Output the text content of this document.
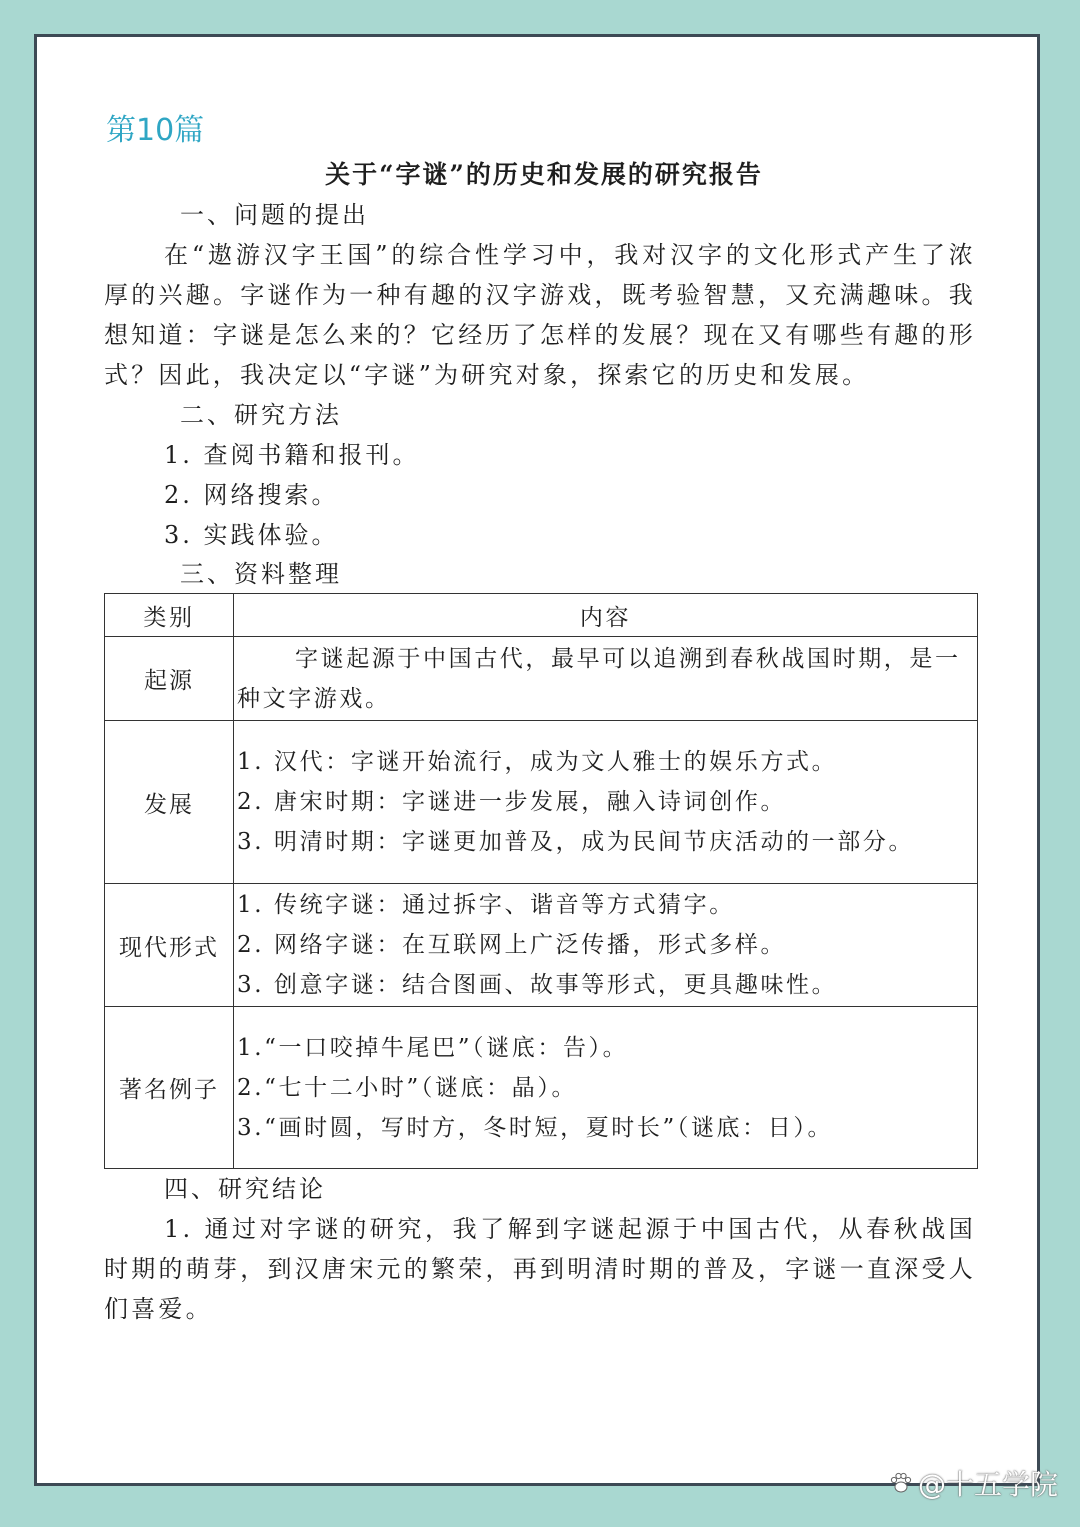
第10篇
关于“字谜”的历史和发展的研究报告
一、问题的提出

在“遨游汉字王国”的综合性学习中，我对汉字的文化形式产生了浓厚的兴趣。字谜作为一种有趣的汉字游戏，既考验智慧，又充满趣味。我想知道：字谜是怎么来的？它经历了怎样的发展？现在又有哪些有趣的形式？因此，我决定以“字谜”为研究对象，探索它的历史和发展。

二、研究方法
1. 查阅书籍和报刊。
2. 网络搜索。
3. 实践体验。
三、资料整理
类别	内容
起源	字谜起源于中国古代，最早可以追溯到春秋战国时期，是一种文字游戏。

发展	1. 汉代：字谜开始流行，成为文人雅士的娱乐方式。
2. 唐宋时期：字谜进一步发展，融入诗词创作。
3. 明清时期：字谜更加普及，成为民间节庆活动的一部分。

现代形式	1. 传统字谜：通过拆字、谐音等方式猜字。
2. 网络字谜：在互联网上广泛传播，形式多样。
3. 创意字谜：结合图画、故事等形式，更具趣味性。

著名例子	1.“一口咬掉牛尾巴”（谜底：告）。
2.“七十二小时”（谜底：晶）。
3.“画时圆，写时方，冬时短，夏时长”（谜底：日）。
四、研究结论

1. 通过对字谜的研究，我了解到字谜起源于中国古代，从春秋战国时期的萌芽，到汉唐宋元的繁荣，再到明清时期的普及，字谜一直深受人们喜爱。

@十五学院
